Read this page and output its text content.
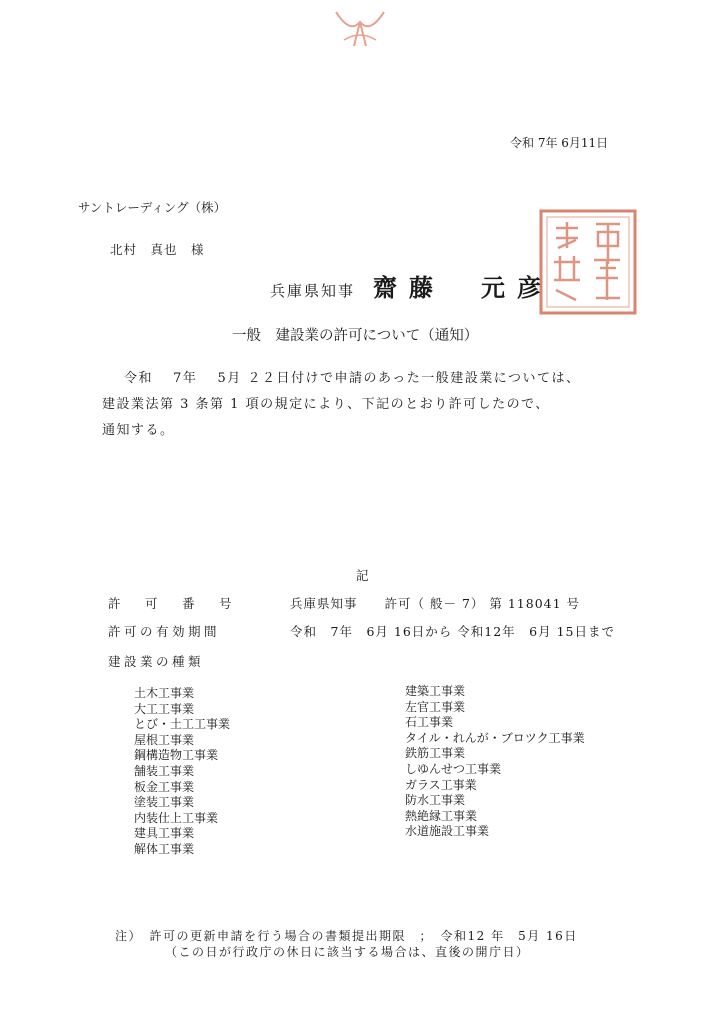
令和 7年 6月11日
サントレーディング（株）
北村　真也　様
兵庫県知事 齋藤　元彦
一般　建設業の許可について（通知）
令和　 7年　 5月 ２２日付けで申請のあった一般建設業については、
建設業法第 3 条第 1 項の規定により、下記のとおり許可したので、
通知する。
記
許　可　番　号	兵庫県知事　　許可（ 般－ 7） 第 118041 号
許可の有効期間	令和　7年　6月 16日から 令和12年　6月 15日まで
建設業の種類
土木工事業
大工工事業
とび・土工工事業
屋根工事業
鋼構造物工事業
舗装工事業
板金工事業
塗装工事業
内装仕上工事業
建具工事業
解体工事業
建築工事業
左官工事業
石工事業
タイル・れんが・ブロツク工事業
鉄筋工事業
しゆんせつ工事業
ガラス工事業
防水工事業
熱絶縁工事業
水道施設工事業
注）　許可の更新申請を行う場合の書類提出期限　；　令和12 年　5月 16日
（この日が行政庁の休日に該当する場合は、直後の開庁日）
